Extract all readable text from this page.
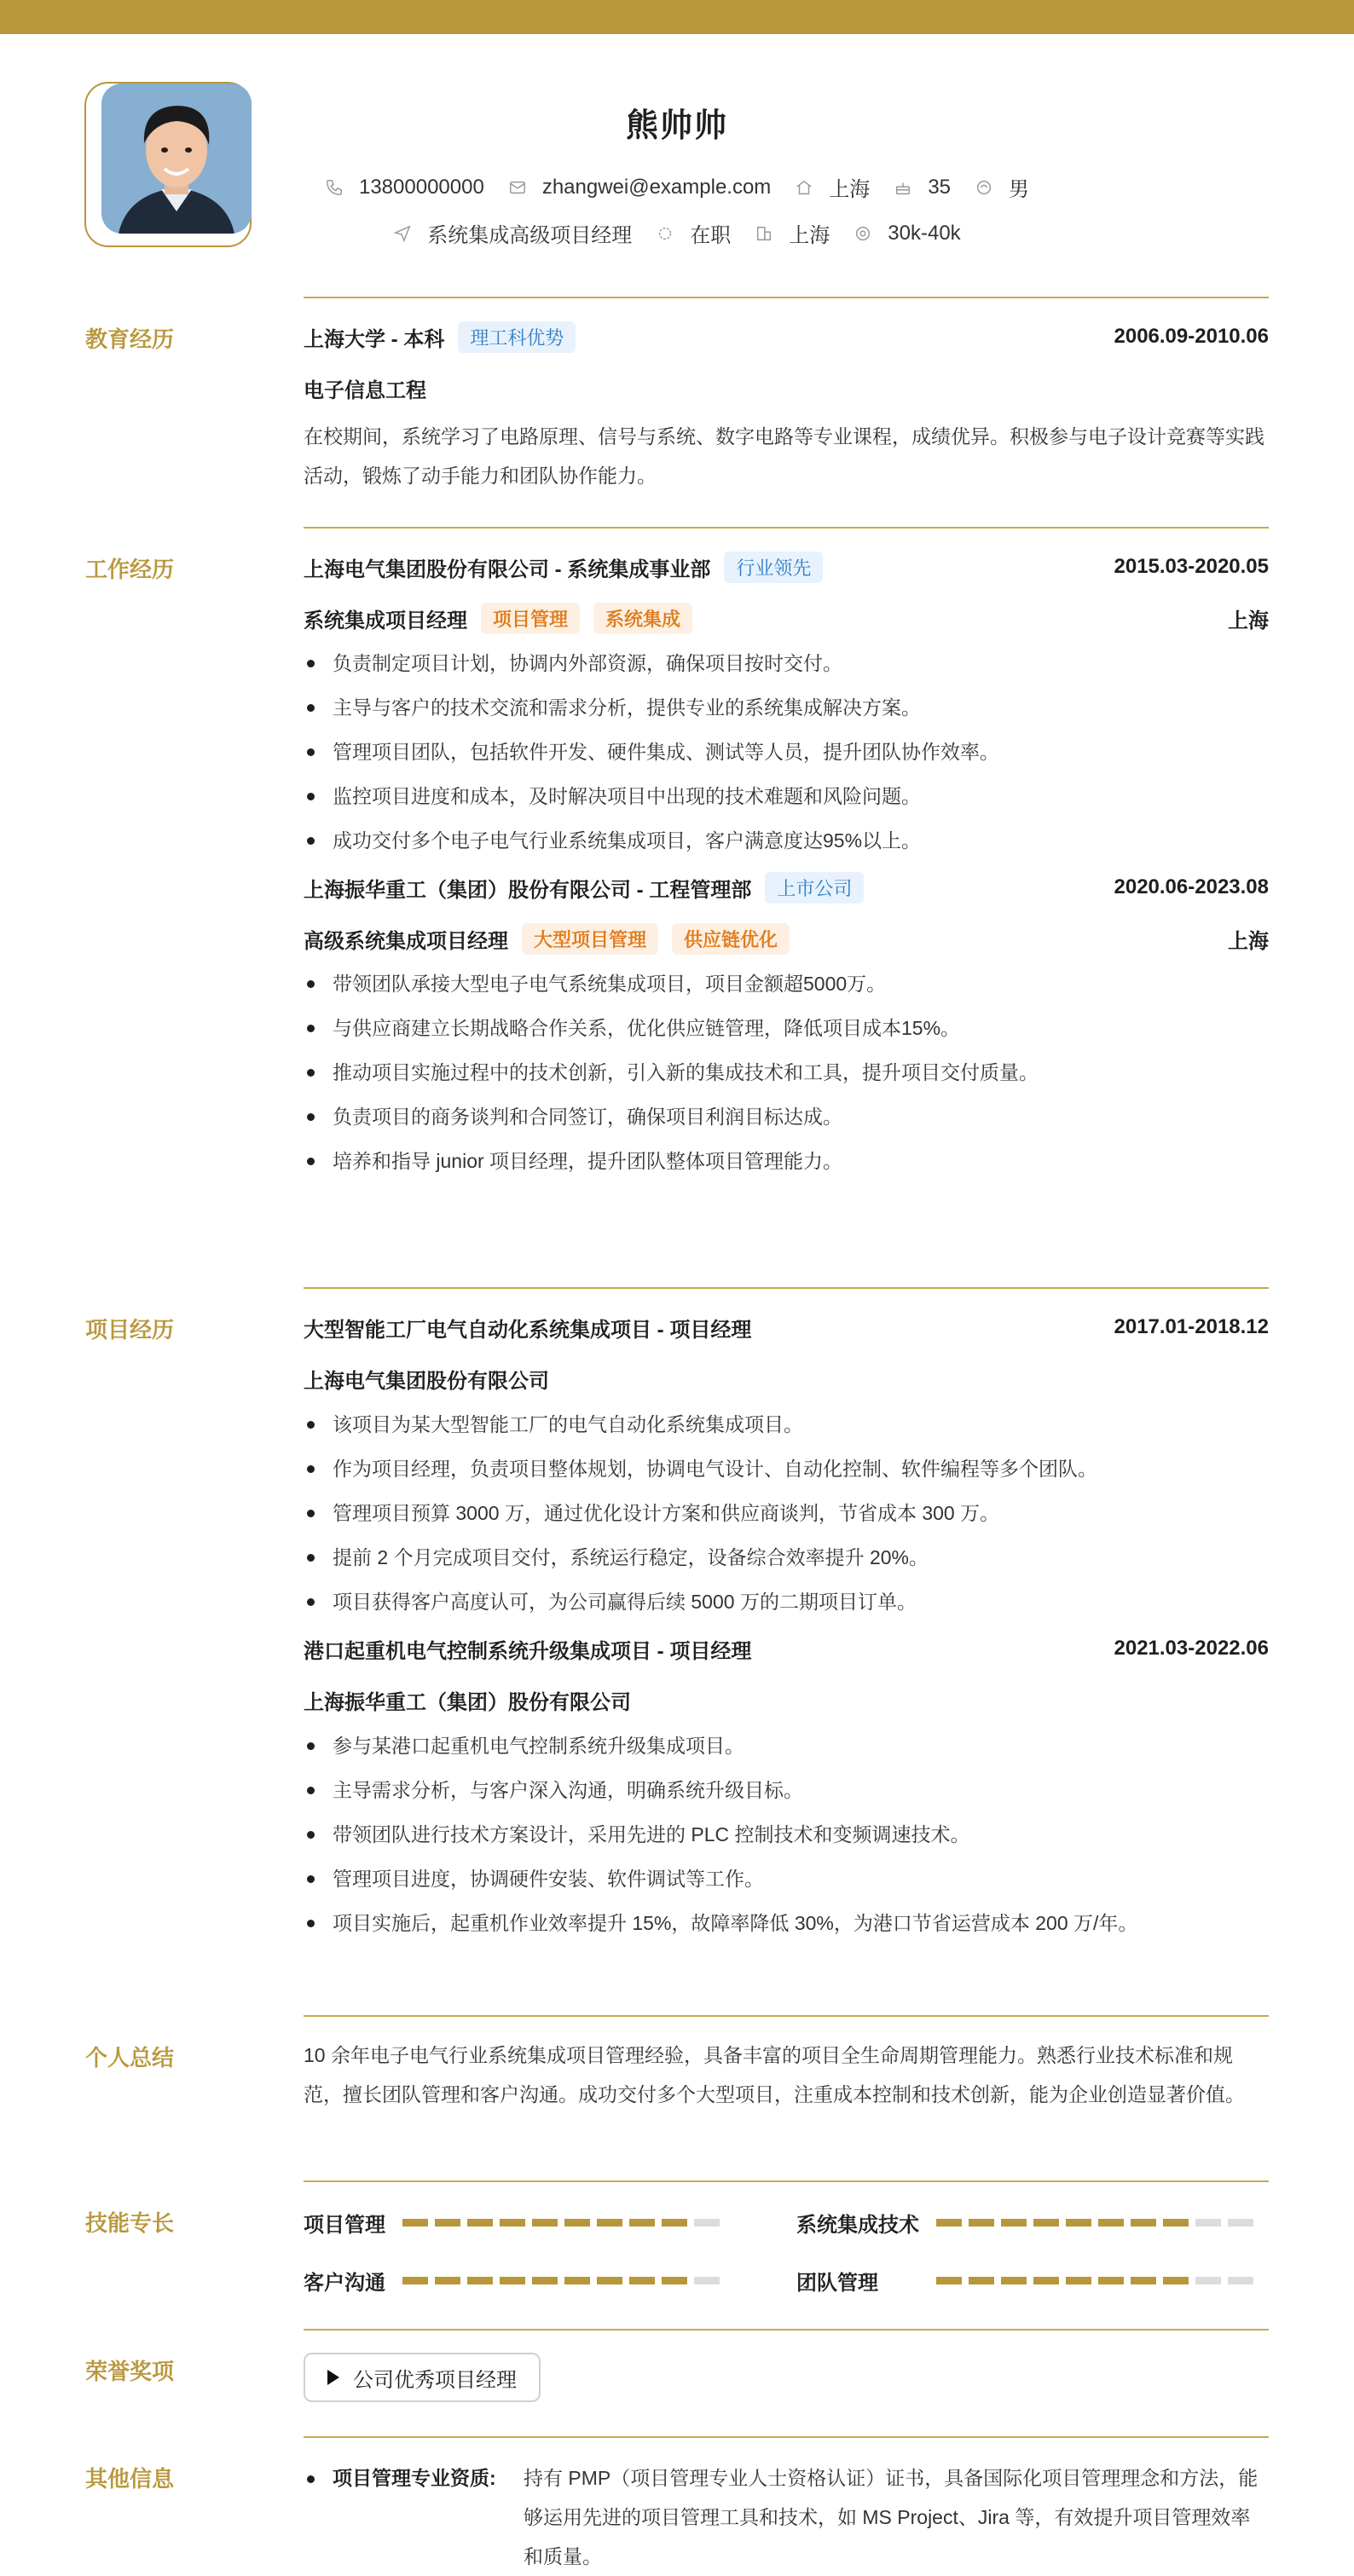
熊帅帅
13800000000	zhangwei@example.com	上海	35	男
系统集成高级项目经理	在职	上海	30k-40k
教育经历	上海大学 - 本科	理工科优势	2006.09-2010.06
电子信息工程
在校期间，系统学习了电路原理、信号与系统、数字电路等专业课程，成绩优异。积极参与电子设计竞赛等实践活动，锻炼了动手能力和团队协作能力。
工作经历	上海电气集团股份有限公司 - 系统集成事业部	行业领先	2015.03-2020.05
系统集成项目经理	项目管理	系统集成	上海
负责制定项目计划，协调内外部资源，确保项目按时交付。
主导与客户的技术交流和需求分析，提供专业的系统集成解决方案。
管理项目团队，包括软件开发、硬件集成、测试等人员，提升团队协作效率。
监控项目进度和成本，及时解决项目中出现的技术难题和风险问题。
成功交付多个电子电气行业系统集成项目，客户满意度达95%以上。
上海振华重工（集团）股份有限公司 - 工程管理部	上市公司	2020.06-2023.08
高级系统集成项目经理	大型项目管理	供应链优化	上海
带领团队承接大型电子电气系统集成项目，项目金额超5000万。
与供应商建立长期战略合作关系，优化供应链管理，降低项目成本15%。
推动项目实施过程中的技术创新，引入新的集成技术和工具，提升项目交付质量。
负责项目的商务谈判和合同签订，确保项目利润目标达成。
培养和指导 junior 项目经理，提升团队整体项目管理能力。
项目经历	大型智能工厂电气自动化系统集成项目 - 项目经理	2017.01-2018.12
上海电气集团股份有限公司
该项目为某大型智能工厂的电气自动化系统集成项目。
作为项目经理，负责项目整体规划，协调电气设计、自动化控制、软件编程等多个团队。
管理项目预算 3000 万，通过优化设计方案和供应商谈判，节省成本 300 万。
提前 2 个月完成项目交付，系统运行稳定，设备综合效率提升 20%。
项目获得客户高度认可，为公司赢得后续 5000 万的二期项目订单。
港口起重机电气控制系统升级集成项目 - 项目经理	2021.03-2022.06
上海振华重工（集团）股份有限公司
参与某港口起重机电气控制系统升级集成项目。
主导需求分析，与客户深入沟通，明确系统升级目标。
带领团队进行技术方案设计，采用先进的 PLC 控制技术和变频调速技术。
管理项目进度，协调硬件安装、软件调试等工作。
项目实施后，起重机作业效率提升 15%，故障率降低 30%，为港口节省运营成本 200 万/年。
个人总结	10 余年电子电气行业系统集成项目管理经验，具备丰富的项目全生命周期管理能力。熟悉行业技术标准和规范，擅长团队管理和客户沟通。成功交付多个大型项目，注重成本控制和技术创新，能为企业创造显著价值。
技能专长	项目管理	系统集成技术
客户沟通	团队管理
荣誉奖项	公司优秀项目经理
其他信息	项目管理专业资质:	持有 PMP（项目管理专业人士资格认证）证书，具备国际化项目管理理念和方法，能够运用先进的项目管理工具和技术，如 MS Project、Jira 等，有效提升项目管理效率和质量。
